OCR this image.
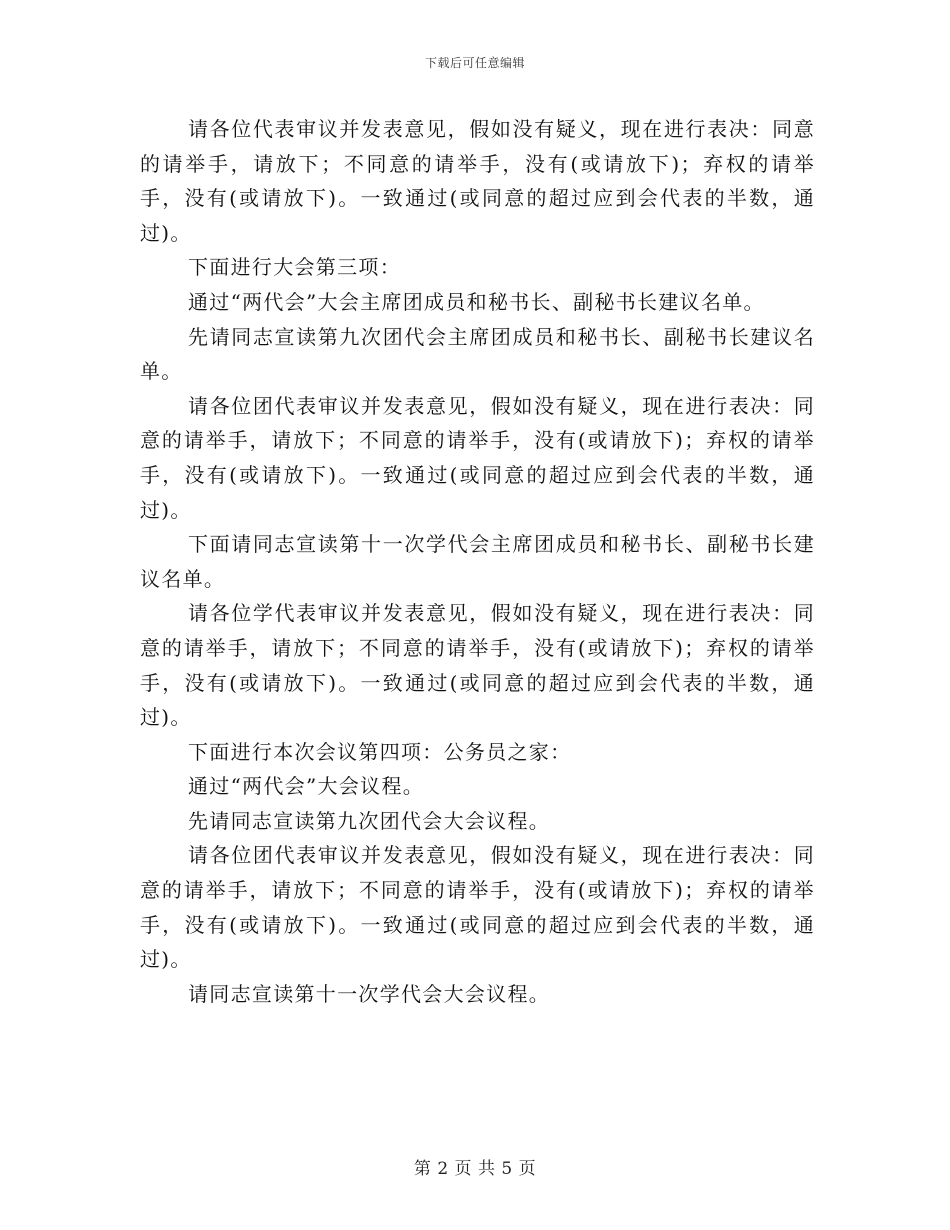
下载后可任意编辑

请各位代表审议并发表意见，假如没有疑义，现在进行表决：同意的请举手，请放下；不同意的请举手，没有(或请放下)；弃权的请举手，没有(或请放下)。一致通过(或同意的超过应到会代表的半数，通过)。

下面进行大会第三项：

通过“两代会”大会主席团成员和秘书长、副秘书长建议名单。

先请同志宣读第九次团代会主席团成员和秘书长、副秘书长建议名单。

请各位团代表审议并发表意见，假如没有疑义，现在进行表决：同意的请举手，请放下；不同意的请举手，没有(或请放下)；弃权的请举手，没有(或请放下)。一致通过(或同意的超过应到会代表的半数，通过)。

下面请同志宣读第十一次学代会主席团成员和秘书长、副秘书长建议名单。

请各位学代表审议并发表意见，假如没有疑义，现在进行表决：同意的请举手，请放下；不同意的请举手，没有(或请放下)；弃权的请举手，没有(或请放下)。一致通过(或同意的超过应到会代表的半数，通过)。

下面进行本次会议第四项：公务员之家：

通过“两代会”大会议程。

先请同志宣读第九次团代会大会议程。

请各位团代表审议并发表意见，假如没有疑义，现在进行表决：同意的请举手，请放下；不同意的请举手，没有(或请放下)；弃权的请举手，没有(或请放下)。一致通过(或同意的超过应到会代表的半数，通过)。

请同志宣读第十一次学代会大会议程。

第 2 页 共 5 页
